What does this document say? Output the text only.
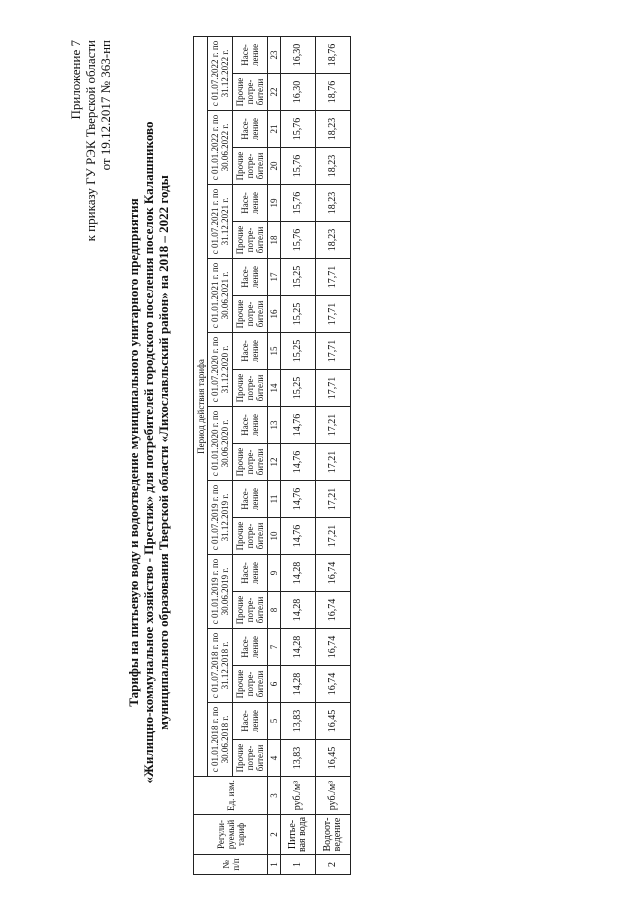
Приложение 7 к приказу ГУ РЭК Тверской области от 19.12.2017 № 363-нп
Тарифы на питьевую воду и водоотведение муниципального унитарного предприятия «Жилищно-коммунальное хозяйство - Престиж» для потребителей городского поселения поселок Калашниково муниципального образования Тверской области «Лихославльский район» на 2018 – 2022 годы
№ п/п	Регули-руемый тариф	Ед. изм.	Период действия тарифа																			
			с 01.01.2018 г. по 30.06.2018 г.		с 01.07.2018 г. по 31.12.2018 г.		с 01.01.2019 г. по 30.06.2019 г.		с 01.07.2019 г. по 31.12.2019 г.		с 01.01.2020 г. по 30.06.2020 г.		с 01.07.2020 г. по 31.12.2020 г.		с 01.01.2021 г. по 30.06.2021 г.		с 01.07.2021 г. по 31.12.2021 г.		с 01.01.2022 г. по 30.06.2022 г.		с 01.07.2022 г. по 31.12.2022 г.	
			Прочие потре-бители	Насе-ление	Прочие потре-бители	Насе-ление	Прочие потре-бители	Насе-ление	Прочие потре-бители	Насе-ление	Прочие потре-бители	Насе-ление	Прочие потре-бители	Насе-ление	Прочие потре-бители	Насе-ление	Прочие потре-бители	Насе-ление	Прочие потре-бители	Насе-ление	Прочие потре-бители	Насе-ление
1	2	3	4	5	6	7	8	9	10	11	12	13	14	15	16	17	18	19	20	21	22	23
1	Питье-вая вода	руб./м³	13,83	13,83	14,28	14,28	14,28	14,28	14,76	14,76	14,76	14,76	15,25	15,25	15,25	15,25	15,76	15,76	15,76	15,76	16,30	16,30
2	Водоот-ведение	руб./м³	16,45	16,45	16,74	16,74	16,74	16,74	17,21	17,21	17,21	17,21	17,71	17,71	17,71	17,71	18,23	18,23	18,23	18,23	18,76	18,76
